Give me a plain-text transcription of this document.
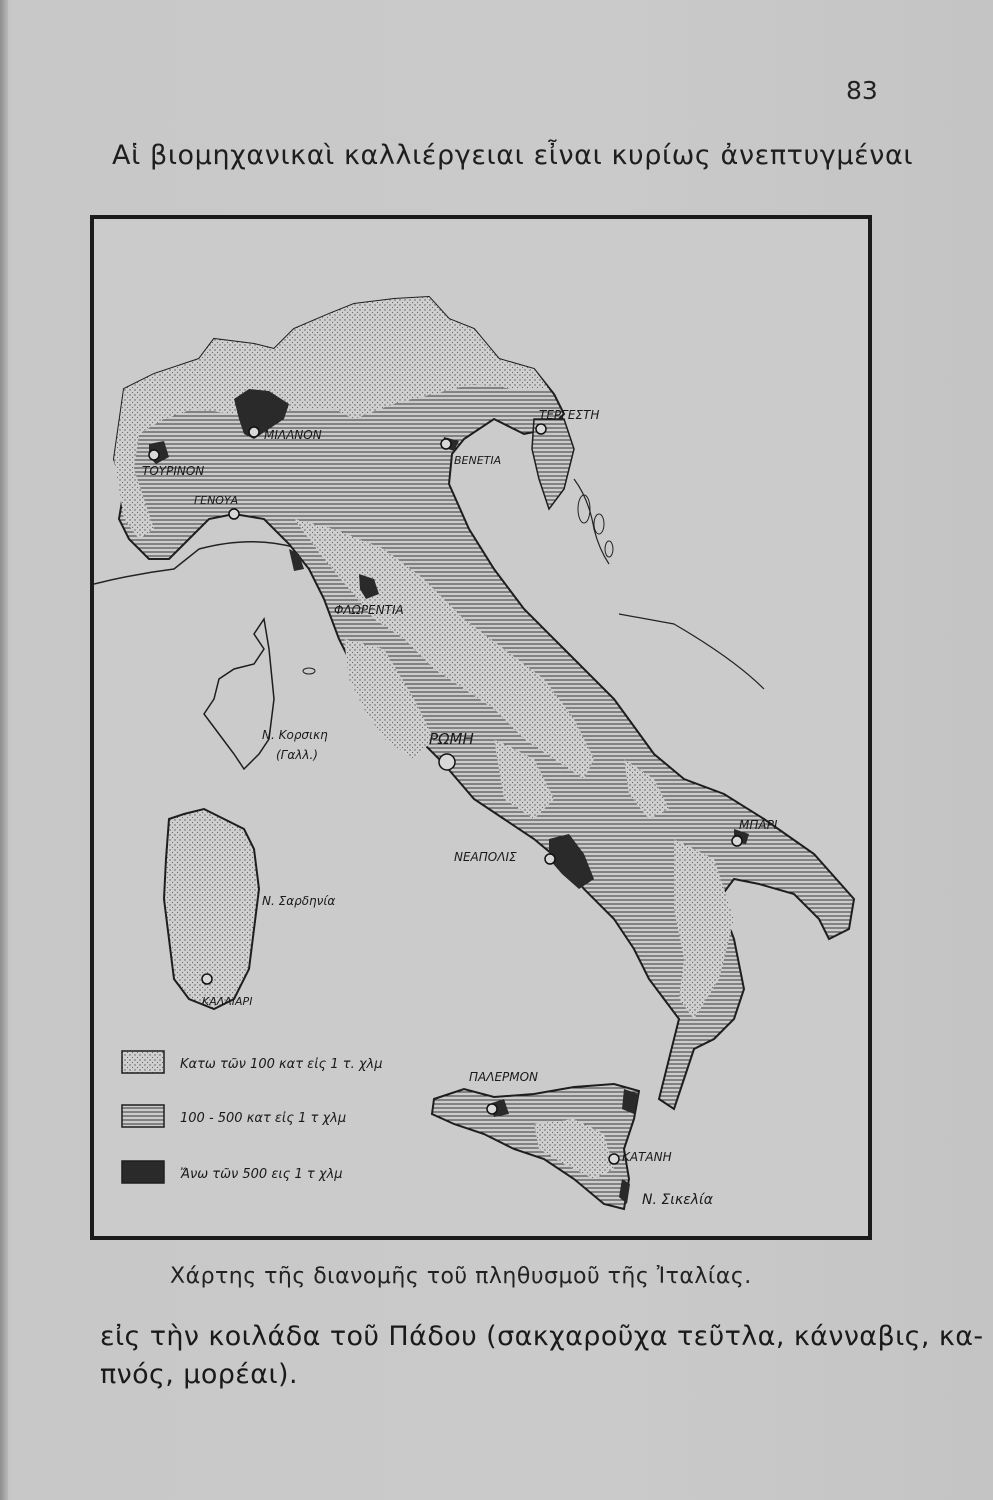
83
Αἱ βιομηχανικαὶ καλλιέργειαι εἶναι κυρίως ἀνεπτυγμέναι
ΜΙΛΑΝΟΝ
ΤΟΥΡΙΝΟΝ
ΓΕΝΟΥΑ
ΒΕΝΕΤΙΑ
ΤΕΡΓΕΣΤΗ
ΦΛΩΡΕΝΤΙΑ
ΡΩΜΗ
ΝΕΑΠΟΛΙΣ
ΜΠΑΡΙ
ΠΑΛΕΡΜΟΝ
ΚΑΤΑΝΗ
ΚΑΛΛΙΑΡΙ
Ν. Κορσικη
(Γαλλ.)
Ν. Σαρδηνία
Ν. Σικελία
Κατω τῶν 100 κατ εἰς 1 τ. χλμ
100 - 500 κατ εἰς 1 τ χλμ
Ἄνω τῶν 500 εις 1 τ χλμ
Χάρτης τῆς διανομῆς τοῦ πληθυσμοῦ τῆς Ἰταλίας.
εἰς τὴν κοιλάδα τοῦ Πάδου (σακχαροῦχα τεῦτλα, κάνναβις, κα-
πνός, μορέαι).
